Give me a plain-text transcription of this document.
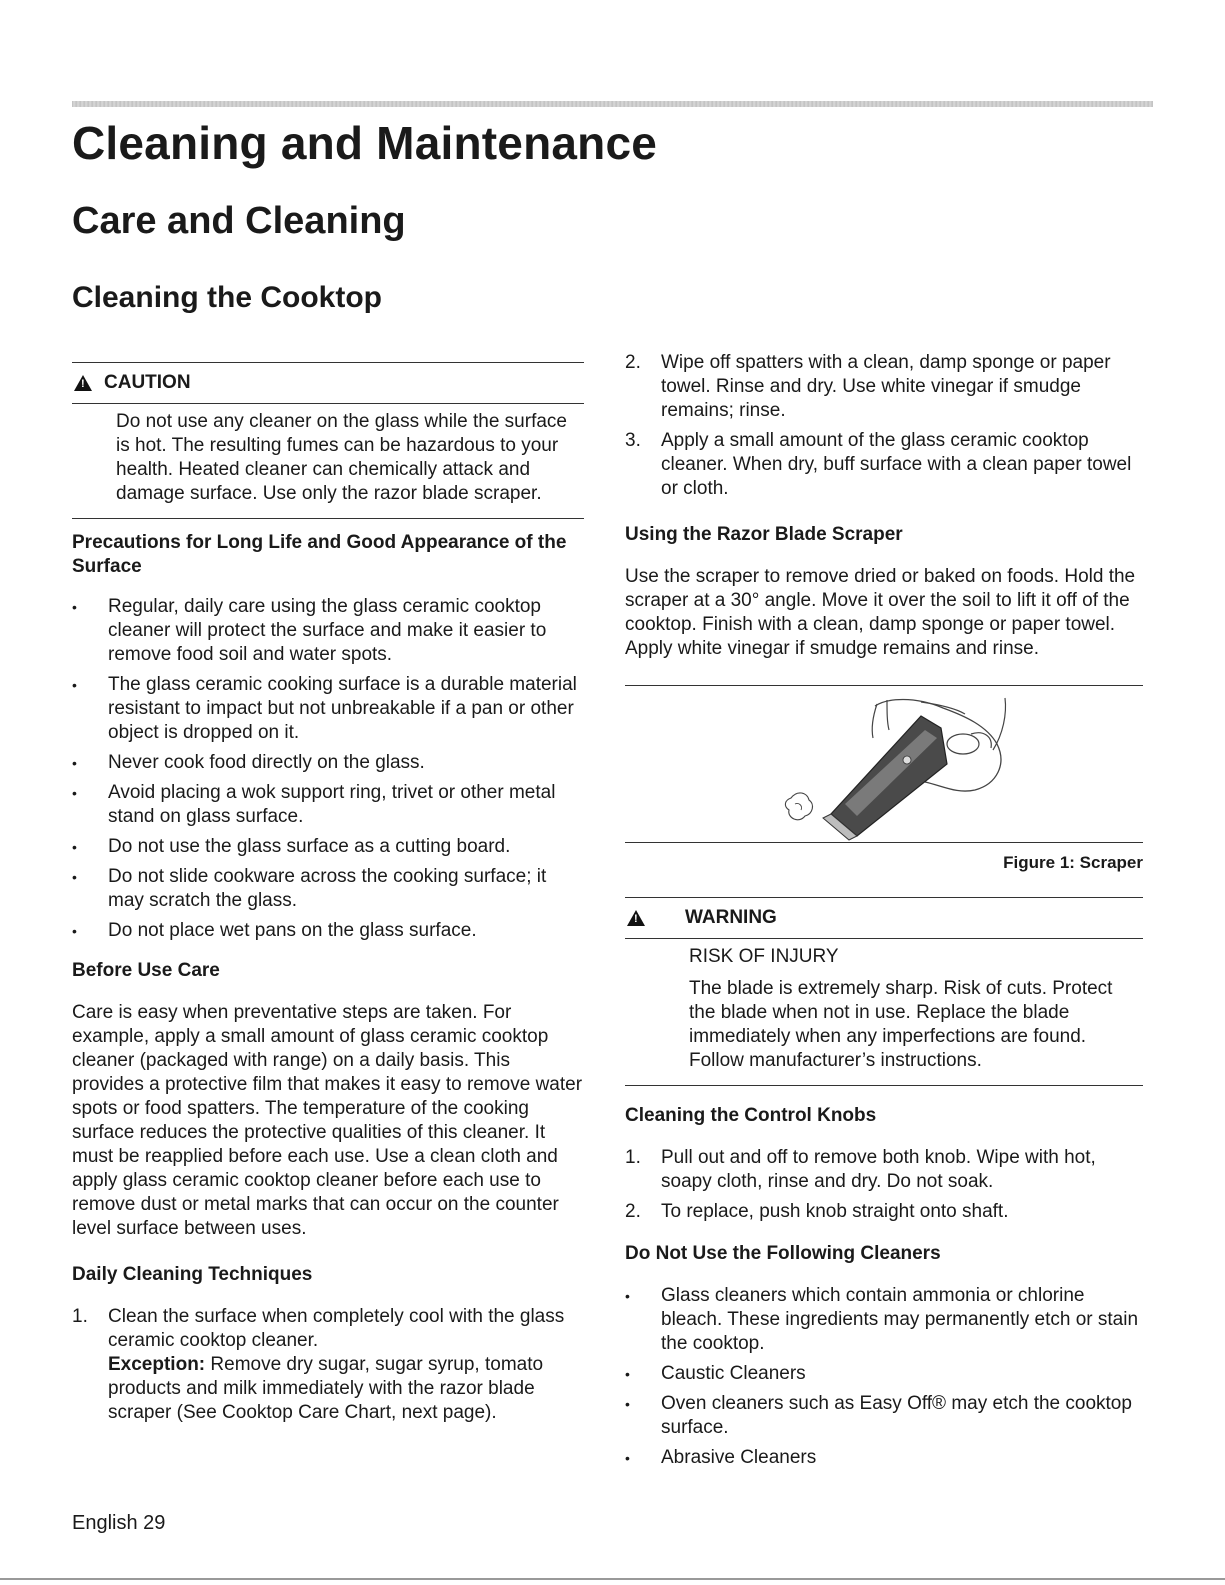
Cleaning and Maintenance
Care and Cleaning
Cleaning the Cooktop
!
CAUTION

Do not use any cleaner on the glass while the surface is hot. The resulting fumes can be hazardous to your health. Heated cleaner can chemically attack and damage surface. Use only the razor blade scraper.

Precautions for Long Life and Good Appearance of the Surface

• Regular, daily care using the glass ceramic cooktop cleaner will protect the surface and make it easier to remove food soil and water spots.
• The glass ceramic cooking surface is a durable material resistant to impact but not unbreakable if a pan or other object is dropped on it.
• Never cook food directly on the glass.
• Avoid placing a wok support ring, trivet or other metal stand on glass surface.
• Do not use the glass surface as a cutting board.
• Do not slide cookware across the cooking surface; it may scratch the glass.
• Do not place wet pans on the glass surface.

Before Use Care

Care is easy when preventative steps are taken. For example, apply a small amount of glass ceramic cooktop cleaner (packaged with range) on a daily basis. This provides a protective film that makes it easy to remove water spots or food spatters. The temperature of the cooking surface reduces the protective qualities of this cleaner. It must be reapplied before each use. Use a clean cloth and apply glass ceramic cooktop cleaner before each use to remove dust or metal marks that can occur on the counter level surface between uses.

Daily Cleaning Techniques

1. Clean the surface when completely cool with the glass ceramic cooktop cleaner.
Exception: Remove dry sugar, sugar syrup, tomato products and milk immediately with the razor blade scraper (See Cooktop Care Chart, next page).
2. Wipe off spatters with a clean, damp sponge or paper towel. Rinse and dry. Use white vinegar if smudge remains; rinse.
3. Apply a small amount of the glass ceramic cooktop cleaner. When dry, buff surface with a clean paper towel or cloth.

Using the Razor Blade Scraper

Use the scraper to remove dried or baked on foods. Hold the scraper at a 30° angle. Move it over the soil to lift it off of the cooktop. Finish with a clean, damp sponge or paper towel. Apply white vinegar if smudge remains and rinse.

Figure 1: Scraper
!
WARNING

RISK OF INJURY

The blade is extremely sharp. Risk of cuts. Protect the blade when not in use. Replace the blade immediately when any imperfections are found. Follow manufacturer’s instructions.

Cleaning the Control Knobs

1. Pull out and off to remove both knob. Wipe with hot, soapy cloth, rinse and dry. Do not soak.
2. To replace, push knob straight onto shaft.

Do Not Use the Following Cleaners

• Glass cleaners which contain ammonia or chlorine bleach. These ingredients may permanently etch or stain the cooktop.
• Caustic Cleaners
• Oven cleaners such as Easy Off® may etch the cooktop surface.
• Abrasive Cleaners
English 29
